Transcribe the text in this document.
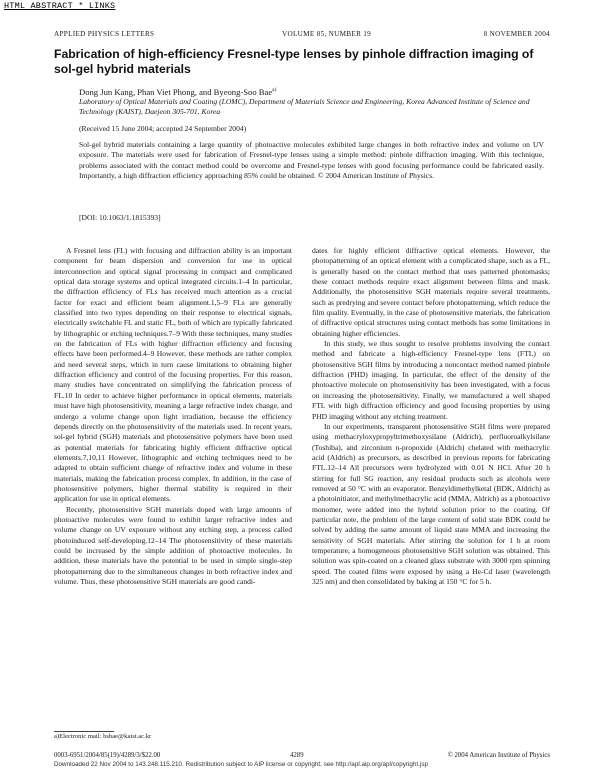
HTML ABSTRACT * LINKS
APPLIED PHYSICS LETTERS	VOLUME 85, NUMBER 19	8 NOVEMBER 2004
Fabrication of high-efficiency Fresnel-type lenses by pinhole diffraction imaging of sol-gel hybrid materials
Dong Jun Kang, Phan Viet Phong, and Byeong-Soo Bae$^{a)}$
Laboratory of Optical Materials and Coating (LOMC), Department of Materials Science and Engineering, Korea Advanced Institute of Science and Technology (KAIST), Daejeon 305-701, Korea
(Received 15 June 2004; accepted 24 September 2004)
Sol-gel hybrid materials containing a large quantity of photoactive molecules exhibited large changes in both refractive index and volume on UV exposure. The materials were used for fabrication of Fresnel-type lenses using a simple method: pinhole diffraction imaging. With this technique, problems associated with the contact method could be overcome and Fresnel-type lenses with good focusing performance could be fabricated easily. Importantly, a high diffraction efficiency approaching 85% could be obtained. © 2004 American Institute of Physics.
[DOI: 10.1063/1.1815393]

A Fresnel lens (FL) with focusing and diffraction ability is an important component for beam dispersion and conversion for use in optical interconnection and optical signal processing in compact and complicated optical data storage systems and optical integrated circuits.1–4 In particular, the diffraction efficiency of FLs has received much attention as a crucial factor for exact and efficient beam alignment.1,5–9 FLs are generally classified into two types depending on their response to electrical signals, electrically switchable FL and static FL, both of which are typically fabricated by lithographic or etching techniques.7–9 With these techniques, many studies on the fabrication of FLs with higher diffraction efficiency and focusing effects have been performed.4–9 However, these methods are rather complex and need several steps, which in turn cause limitations to obtaining higher diffraction efficiency and control of the focusing properties. For this reason, many studies have concentrated on simplifying the fabrication process of FL.10 In order to achieve higher performance in optical elements, materials must have high photosensitivity, meaning a large refractive index change, and undergo a volume change upon light irradiation, because the efficiency depends directly on the photosensitivity of the materials used. In recent years, sol-gel hybrid (SGH) materials and photosensitive polymers have been used as potential materials for fabricating highly efficient diffractive optical elements.7,10,11 However, lithographic and etching techniques need to be adapted to obtain sufficient change of refractive index and volume in these materials, making the fabrication process complex. In addition, in the case of photosensitive polymers, higher thermal stability is required in their application for use in optical elements.

Recently, photosensitive SGH materials doped with large amounts of photoactive molecules were found to exhibit larger refractive index and volume change on UV exposure without any etching step, a process called photoinduced self-developing.12–14 The photosensitivity of these materials could be increased by the simple addition of photoactive molecules. In addition, these materials have the potential to be used in simple single-step photopatterning due to the simultaneous changes in both refractive index and volume. Thus, these photosensitive SGH materials are good candi-

dates for highly efficient diffractive optical elements. However, the photopatterning of an optical element with a complicated shape, such as a FL, is generally based on the contact method that uses patterned photomasks; these contact methods require exact alignment between films and mask. Additionally, the photosensitive SGH materials require several treatments, such as predrying and severe contact before photopatterning, which reduce the film quality. Eventually, in the case of photosensitive materials, the fabrication of diffractive optical structures using contact methods has some limitations in obtaining higher efficiencies.

In this study, we thus sought to resolve problems involving the contact method and fabricate a high-efficiency Fresnel-type lens (FTL) on photosensitive SGH films by introducing a noncontact method named pinhole diffraction (PHD) imaging. In particular, the effect of the density of the photoactive molecule on photosensitivity has been investigated, with a focus on increasing the photosensitivity. Finally, we manufactured a well shaped FTL with high diffraction efficiency and good focusing properties by using PHD imaging without any etching treatment.

In our experiments, transparent photosensitive SGH films were prepared using methacryloxypropyltrimethoxysilane (Aldrich), perfluoroalkylsilane (Toshiba), and zirconium n-propoxide (Aldrich) chelated with methacrylic acid (Aldrich) as precursors, as described in previous reports for fabricating FTL.12–14 All precursors were hydrolyzed with 0.01 N HCl. After 20 h stirring for full SG reaction, any residual products such as alcohols were removed at 50 °C with an evaporator. Benzyldimethylketal (BDK, Aldrich) as a photoinitiator, and methylmethacrylic acid (MMA, Aldrich) as a photoactive monomer, were added into the hybrid solution prior to the coating. Of particular note, the problem of the large content of solid state BDK could be solved by adding the same amount of liquid state MMA and increasing the sensitivity of SGH materials. After stirring the solution for 1 h at room temperature, a homogeneous photosensitive SGH solution was obtained. This solution was spin-coated on a cleaned glass substrate with 3000 rpm spinning speed. The coated films were exposed by using a He-Cd laser (wavelength 325 nm) and then consolidated by baking at 150 °C for 5 h.

a)Electronic mail: bsbae@kaist.ac.kr
0003-6951/2004/85(19)/4289/3/$22.00	4289	© 2004 American Institute of Physics
Downloaded 22 Nov 2004 to 143.248.115.210. Redistribution subject to AIP license or copyright, see http://apl.aip.org/apl/copyright.jsp
